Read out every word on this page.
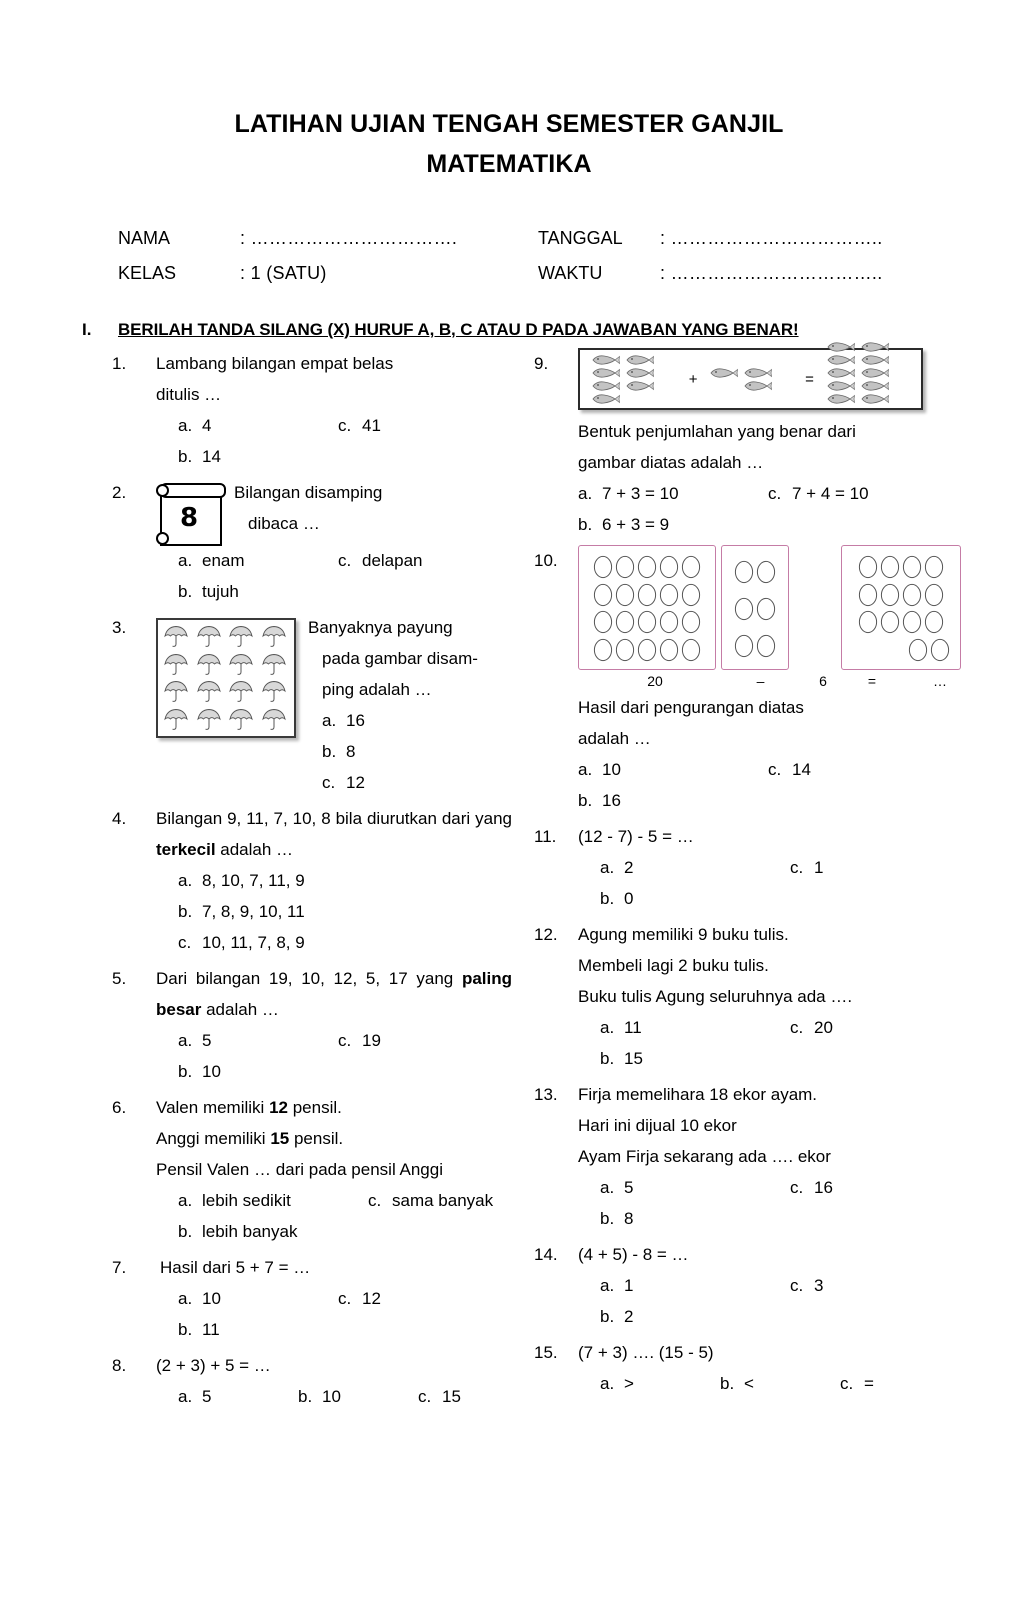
LATIHAN UJIAN TENGAH SEMESTER GANJIL
MATEMATIKA
NAMA	: …………………………….	TANGGAL	: ……………………………..
KELAS	: 1 (SATU)	WAKTU	: ……………………………..
I.	BERILAH TANDA SILANG (X) HURUF A, B, C ATAU D PADA JAWABAN YANG BENAR!
1.	Lambang bilangan empat belas
ditulis …
a. 4	c. 41
b. 14
2.
8
Bilangan disamping
dibaca …
a. enam	c. delapan
b. tujuh
3.	Banyaknya payung
pada gambar disam-
ping adalah …
a. 16
b. 8
c. 12
4.	Bilangan 9, 11, 7, 10, 8 bila diurutkan dari yang terkecil adalah …
a. 8, 10, 7, 11, 9
b. 7, 8, 9, 10, 11
c. 10, 11, 7, 8, 9
5.	Dari bilangan 19, 10, 12, 5, 17 yang paling besar adalah …
a. 5	c. 19
b. 10
6.	Valen memiliki 12 pensil.
Anggi memiliki 15 pensil.
Pensil Valen … dari pada pensil Anggi
a. lebih sedikit	c. sama banyak
b. lebih banyak
7.	Hasil dari 5 + 7 = …
a. 10	c. 12
b. 11
8.	(2 + 3) + 5 = …
a. 5	b. 10	c. 15
9.
+	=
Bentuk penjumlahan yang benar dari
gambar diatas adalah …
a. 7 + 3 = 10	c. 7 + 4 = 10
b. 6 + 3 = 9
10.
20	–	6	=	…
Hasil dari pengurangan diatas
adalah …
a. 10	c. 14
b. 16
11.	(12 - 7) - 5 = …
a. 2	c. 1
b. 0
12.	Agung memiliki 9 buku tulis.
Membeli lagi 2 buku tulis.
Buku tulis Agung seluruhnya ada ….
a. 11	c. 20
b. 15
13.	Firja memelihara 18 ekor ayam.
Hari ini dijual 10 ekor
Ayam Firja sekarang ada …. ekor
a. 5	c. 16
b. 8
14.	(4 + 5) - 8 = …
a. 1	c. 3
b. 2
15.	(7 + 3) …. (15 - 5)
a. >	b. <	c. =
